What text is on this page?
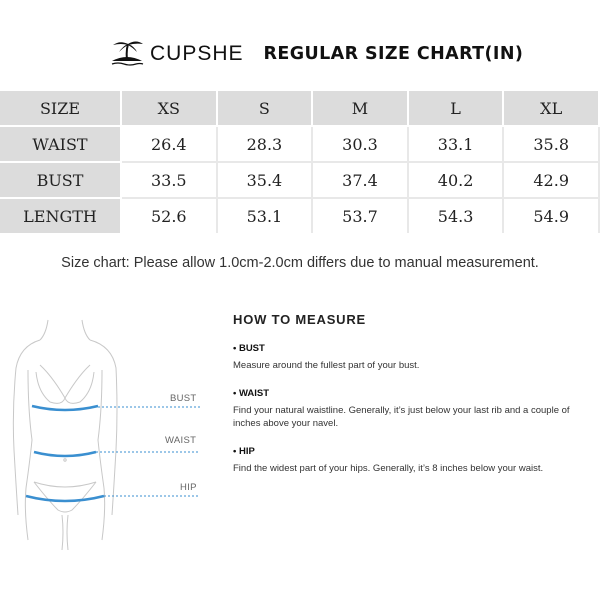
CUPSHE REGULAR SIZE CHART(IN)
SIZE	XS	S	M	L	XL
WAIST	26.4	28.3	30.3	33.1	35.8
BUST	33.5	35.4	37.4	40.2	42.9
LENGTH	52.6	53.1	53.7	54.3	54.9
Size chart: Please allow 1.0cm-2.0cm differs due to manual measurement.
BUST
WAIST
HIP
HOW TO MEASURE
• BUST
Measure around the fullest part of your bust.
• WAIST
Find your natural waistline. Generally, it’s just below your last rib and a couple of inches above your navel.
• HIP
Find the widest part of your hips. Generally, it’s 8 inches below your waist.
